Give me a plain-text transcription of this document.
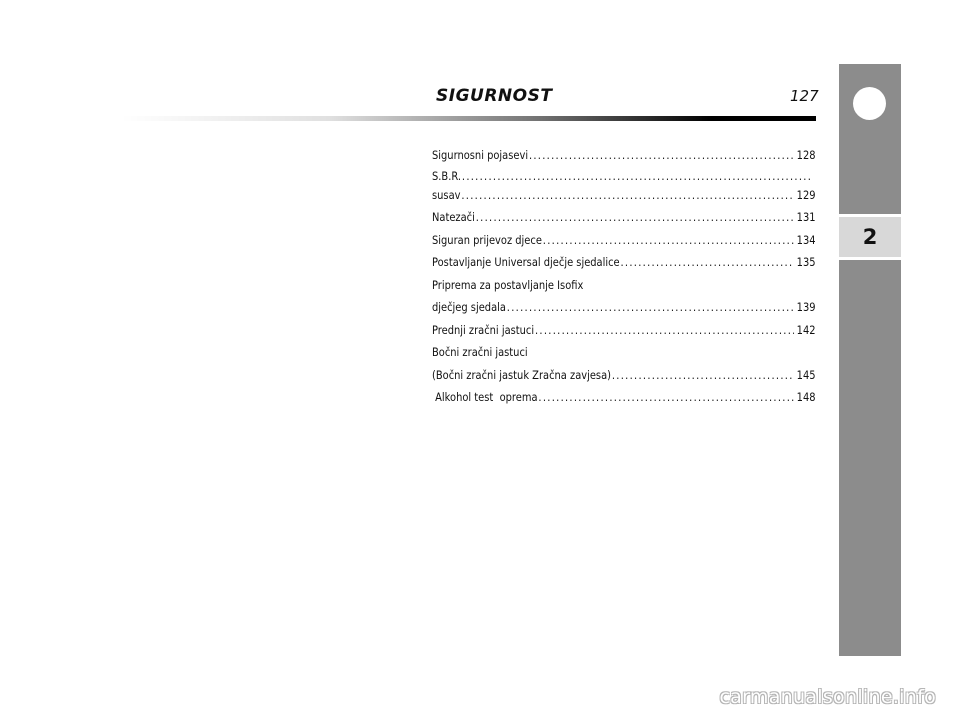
SIGURNOST	127
Sigurnosni pojasevi .....	128
S.B.R.
.....
susav .....	129
Natezači .....	131
Siguran prijevoz djece .....	134
Postavljanje Universal dječje sjedalice .....	135
Priprema za postavljanje Isofix
dječjeg sjedala .....	139
Prednji zračni jastuci .....	142
Bočni zračni jastuci
(Bočni zračni jastuk Zračna zavjesa) .....	145
Alkohol test  oprema .....	148
2
carmanualsonline.info
